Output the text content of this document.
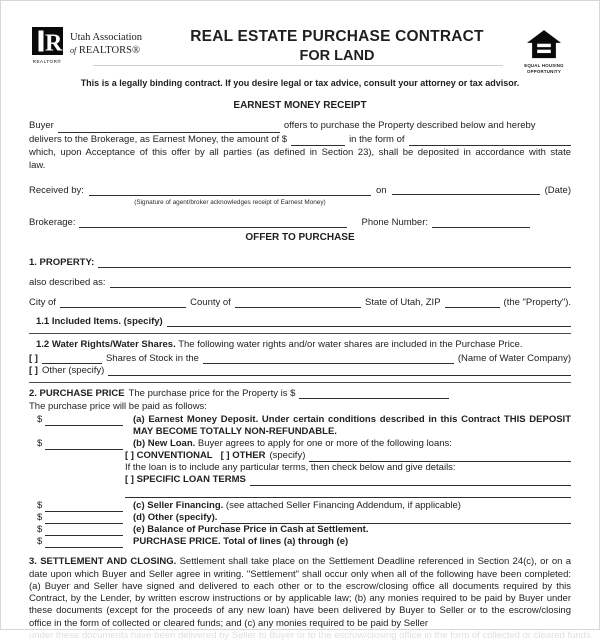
R
REALTOR®
Utah Association
of REALTORS®
REAL ESTATE PURCHASE CONTRACT
FOR LAND
EQUAL HOUSING
OPPORTUNITY
This is a legally binding contract. If you desire legal or tax advice, consult your attorney or tax advisor.
EARNEST MONEY RECEIPT
Buyer	offers to purchase the Property described below and hereby
delivers to the Brokerage, as Earnest Money, the amount of $	in the form of
which, upon Acceptance of this offer by all parties (as defined in Section 23), shall be deposited in accordance with state
law.
Received by:
(Signature of agent/broker acknowledges receipt of Earnest Money)
on	(Date)
Brokerage:	Phone Number:
OFFER TO PURCHASE
1. PROPERTY:
also described as:
City of	County of	State of Utah, ZIP	(the "Property").
1.1 Included Items. (specify)
1.2 Water Rights/Water Shares. The following water rights and/or water shares are included in the Purchase Price.
[ ]	Shares of Stock in the	(Name of Water Company)
[ ] Other (specify)
2. PURCHASE PRICE The purchase price for the Property is $
The purchase price will be paid as follows:
$	(a) Earnest Money Deposit. Under certain conditions described in this Contract THIS DEPOSIT MAY BECOME TOTALLY NON-REFUNDABLE.
$	(b) New Loan. Buyer agrees to apply for one or more of the following loans:
[ ] CONVENTIONAL [ ] OTHER (specify)
If the loan is to include any particular terms, then check below and give details:
[ ] SPECIFIC LOAN TERMS
$	(c) Seller Financing. (see attached Seller Financing Addendum, if applicable)
$	(d) Other (specify).
$	(e) Balance of Purchase Price in Cash at Settlement.
$	PURCHASE PRICE. Total of lines (a) through (e)
3. SETTLEMENT AND CLOSING. Settlement shall take place on the Settlement Deadline referenced in Section 24(c), or on a date upon which Buyer and Seller agree in writing. "Settlement" shall occur only when all of the following have been completed: (a) Buyer and Seller have signed and delivered to each other or to the escrow/closing office all documents required by this Contract, by the Lender, by written escrow instructions or by applicable law; (b) any monies required to be paid by Buyer under these documents (except for the proceeds of any new loan) have been delivered by Buyer to Seller or to the escrow/closing office in the form of collected or cleared funds; and (c) any monies required to be paid by Seller
under these documents have been delivered by Seller to Buyer or to the escrow/closing office in the form of collected or cleared funds.
